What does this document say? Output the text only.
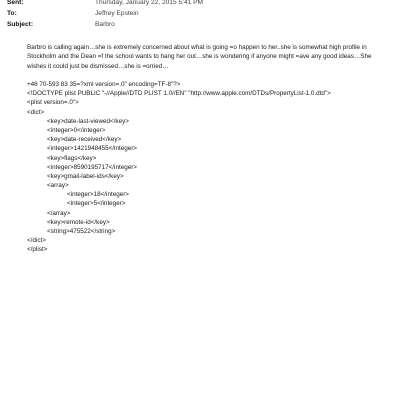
Sent:	Thursday, January 22, 2015 5:41 PM
To:	Jeffrey Epstein
Subject:	Barbro

Barbro is calling again…she is extremely concerned about what is going =o happen to her..she is somewhat high profile in Stockholm and the Dean =f the school wants to hang her out…she is wondering if anyone might =ave any good ideas…She wishes it could just be dismissed…she is =orried…

+46 70-593 83 35=?xml version=.0" encoding=TF-8"?>
<!DOCTYPE plist PUBLIC "-//Apple//DTD PLIST 1.0//EN" "http://www.apple.com/DTDs/PropertyList-1.0.dtd">
<plist version=.0">
<dict>
<key>date-last-viewed</key>
<integer>0</integer>
<key>date-received</key>
<integer>1421948455</integer>
<key>flags</key>
<integer>8590195717</integer>
<key>gmail-label-ids</key>
<array>
<integer>18</integer>
<integer>5</integer>
</array>
<key>remote-id</key>
<string>475522</string>
</dict>
</plist>
